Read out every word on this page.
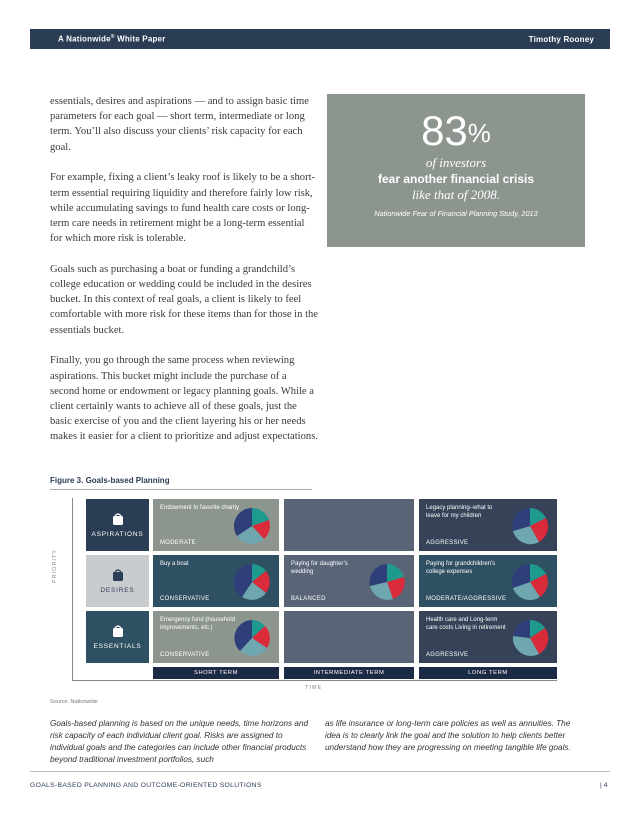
A Nationwide® White Paper	Timothy Rooney

essentials, desires and aspirations — and to assign basic time parameters for each goal — short term, intermediate or long term. You’ll also discuss your clients’ risk capacity for each goal.

For example, fixing a client’s leaky roof is likely to be a short-term essential requiring liquidity and therefore fairly low risk, while accumulating savings to fund health care costs or long-term care needs in retirement might be a long-term essential for which more risk is tolerable.

Goals such as purchasing a boat or funding a grandchild’s college education or wedding could be included in the desires bucket. In this context of real goals, a client is likely to feel comfortable with more risk for these items than for those in the essentials bucket.

Finally, you go through the same process when reviewing aspirations. This bucket might include the purchase of a second home or endowment or legacy planning goals. While a client certainly wants to achieve all of these goals, just the basic exercise of you and the client layering his or her needs makes it easier for a client to prioritize and adjust expectations.

83%
of investors
fear another financial crisis
like that of 2008.
Nationwide Fear of Financial Planning Study, 2013
Figure 3. Goals-based Planning
PRIORITY
TIME
ASPIRATIONS
DESIRES
ESSENTIALS
Endowment to favorite charity
MODERATE
Legacy planning–what to leave for my children
AGGRESSIVE
Buy a boat
CONSERVATIVE
Paying for daughter’s wedding
BALANCED
Paying for grandchildren’s college expenses
MODERATE/AGGRESSIVE
Emergency fund (household improvements, etc.)
CONSERVATIVE
Health care and Long-term care costs Living in retirement
AGGRESSIVE
SHORT TERM	INTERMEDIATE TERM	LONG TERM
Source: Nationwide
Goals-based planning is based on the unique needs, time horizons and risk capacity of each individual client goal. Risks are assigned to individual goals and the categories can include other financial products beyond traditional investment portfolios, such
as life insurance or long-term care policies as well as annuities. The idea is to clearly link the goal and the solution to help clients better understand how they are progressing on meeting tangible life goals.
GOALS-BASED PLANNING AND OUTCOME-ORIENTED SOLUTIONS	| 4
